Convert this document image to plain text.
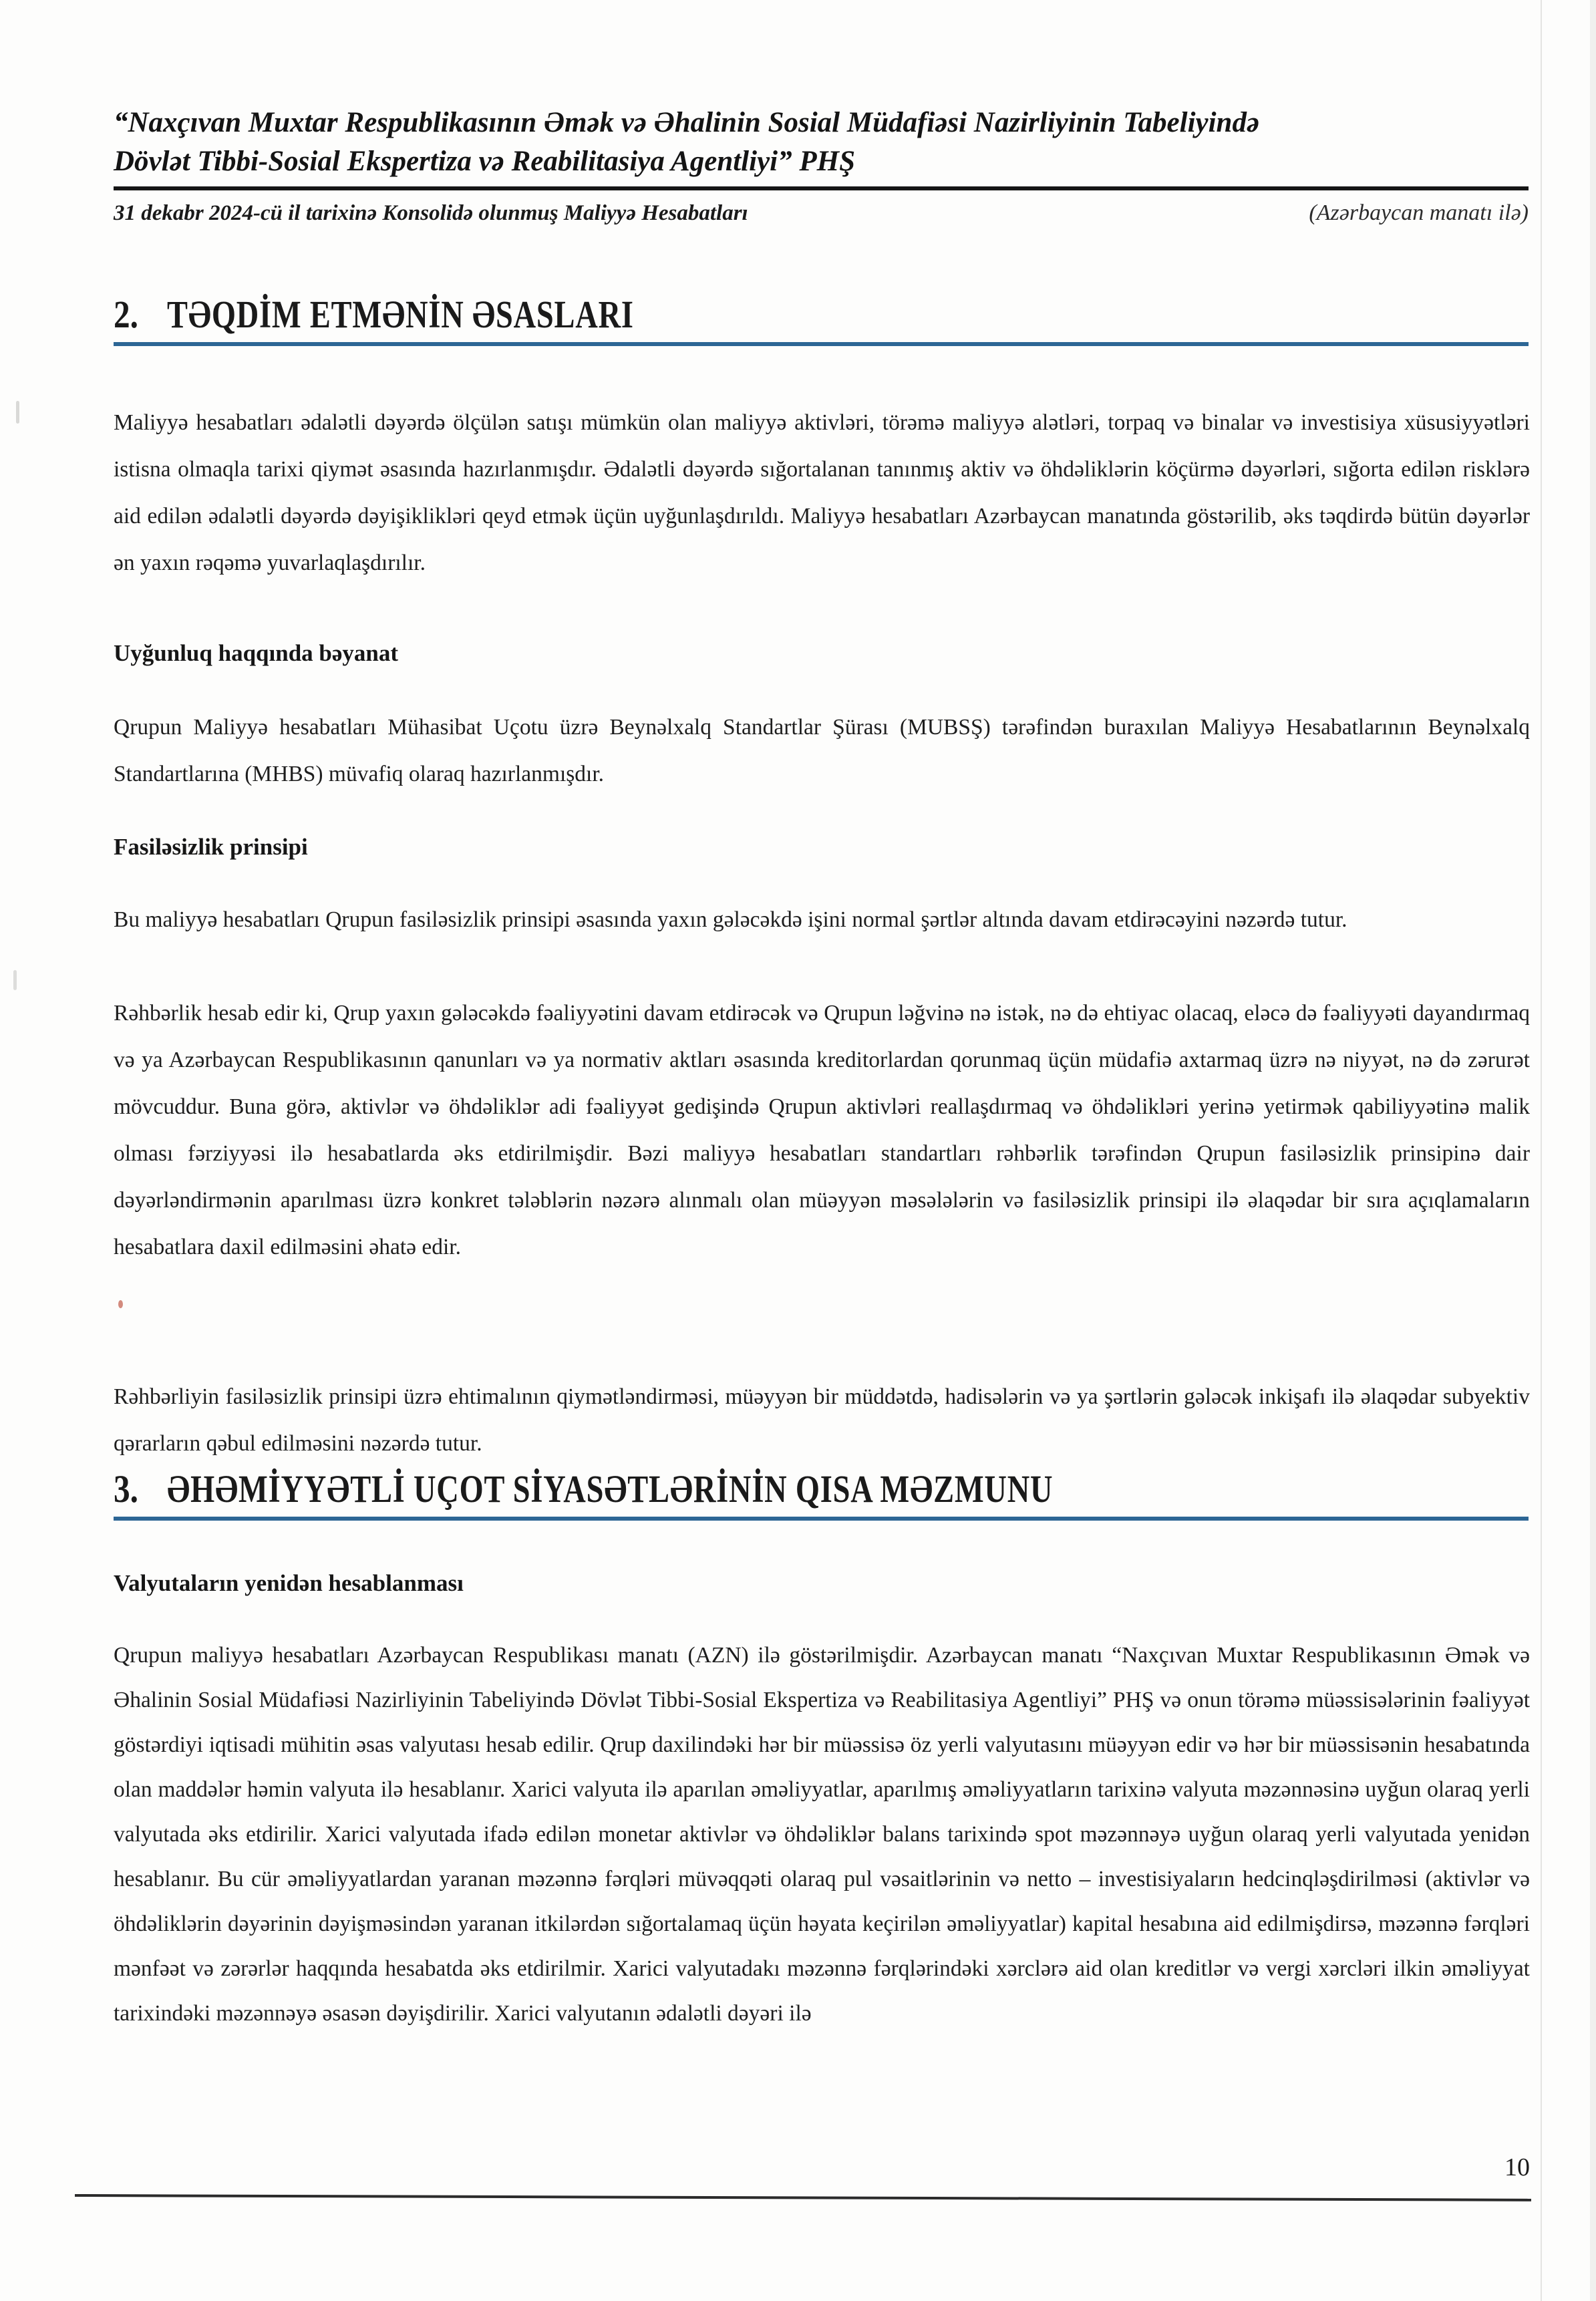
“Naxçıvan Muxtar Respublikasının Əmək və Əhalinin Sosial Müdafiəsi Nazirliyinin Tabeliyində
Dövlət Tibbi-Sosial Ekspertiza və Reabilitasiya Agentliyi” PHŞ
31 dekabr 2024-cü il tarixinə Konsolidə olunmuş Maliyyə Hesabatları	(Azərbaycan manatı ilə)
2. TƏQDİM ETMƏNİN ƏSASLARI

Maliyyə hesabatları ədalətli dəyərdə ölçülən satışı mümkün olan maliyyə aktivləri, törəmə maliyyə alətləri, torpaq və binalar və investisiya xüsusiyyətləri istisna olmaqla tarixi qiymət əsasında hazırlanmışdır. Ədalətli dəyərdə sığortalanan tanınmış aktiv və öhdəliklərin köçürmə dəyərləri, sığorta edilən risklərə aid edilən ədalətli dəyərdə dəyişiklikləri qeyd etmək üçün uyğunlaşdırıldı. Maliyyə hesabatları Azərbaycan manatında göstərilib, əks təqdirdə bütün dəyərlər ən yaxın rəqəmə yuvarlaqlaşdırılır.

Uyğunluq haqqında bəyanat

Qrupun Maliyyə hesabatları Mühasibat Uçotu üzrə Beynəlxalq Standartlar Şürası (MUBSŞ) tərəfindən buraxılan Maliyyə Hesabatlarının Beynəlxalq Standartlarına (MHBS) müvafiq olaraq hazırlanmışdır.

Fasiləsizlik prinsipi

Bu maliyyə hesabatları Qrupun fasiləsizlik prinsipi əsasında yaxın gələcəkdə işini normal şərtlər altında davam etdirəcəyini nəzərdə tutur.

Rəhbərlik hesab edir ki, Qrup yaxın gələcəkdə fəaliyyətini davam etdirəcək və Qrupun ləğvinə nə istək, nə də ehtiyac olacaq, eləcə də fəaliyyəti dayandırmaq və ya Azərbaycan Respublikasının qanunları və ya normativ aktları əsasında kreditorlardan qorunmaq üçün müdafiə axtarmaq üzrə nə niyyət, nə də zərurət mövcuddur. Buna görə, aktivlər və öhdəliklər adi fəaliyyət gedişində Qrupun aktivləri reallaşdırmaq və öhdəlikləri yerinə yetirmək qabiliyyətinə malik olması fərziyyəsi ilə hesabatlarda əks etdirilmişdir. Bəzi maliyyə hesabatları standartları rəhbərlik tərəfindən Qrupun fasiləsizlik prinsipinə dair dəyərləndirmənin aparılması üzrə konkret tələblərin nəzərə alınmalı olan müəyyən məsələlərin və fasiləsizlik prinsipi ilə əlaqədar bir sıra açıqlamaların hesabatlara daxil edilməsini əhatə edir.

Rəhbərliyin fasiləsizlik prinsipi üzrə ehtimalının qiymətləndirməsi, müəyyən bir müddətdə, hadisələrin və ya şərtlərin gələcək inkişafı ilə əlaqədar subyektiv qərarların qəbul edilməsini nəzərdə tutur.

3. ƏHƏMİYYƏTLİ UÇOT SİYASƏTLƏRİNİN QISA MƏZMUNU
Valyutaların yenidən hesablanması

Qrupun maliyyə hesabatları Azərbaycan Respublikası manatı (AZN) ilə göstərilmişdir. Azərbaycan manatı “Naxçıvan Muxtar Respublikasının Əmək və Əhalinin Sosial Müdafiəsi Nazirliyinin Tabeliyində Dövlət Tibbi-Sosial Ekspertiza və Reabilitasiya Agentliyi” PHŞ və onun törəmə müəssisələrinin fəaliyyət göstərdiyi iqtisadi mühitin əsas valyutası hesab edilir. Qrup daxilindəki hər bir müəssisə öz yerli valyutasını müəyyən edir və hər bir müəssisənin hesabatında olan maddələr həmin valyuta ilə hesablanır. Xarici valyuta ilə aparılan əməliyyatlar, aparılmış əməliyyatların tarixinə valyuta məzənnəsinə uyğun olaraq yerli valyutada əks etdirilir. Xarici valyutada ifadə edilən monetar aktivlər və öhdəliklər balans tarixində spot məzənnəyə uyğun olaraq yerli valyutada yenidən hesablanır. Bu cür əməliyyatlardan yaranan məzənnə fərqləri müvəqqəti olaraq pul vəsaitlərinin və netto – investisiyaların hedcinqləşdirilməsi (aktivlər və öhdəliklərin dəyərinin dəyişməsindən yaranan itkilərdən sığortalamaq üçün həyata keçirilən əməliyyatlar) kapital hesabına aid edilmişdirsə, məzənnə fərqləri mənfəət və zərərlər haqqında hesabatda əks etdirilmir. Xarici valyutadakı məzənnə fərqlərindəki xərclərə aid olan kreditlər və vergi xərcləri ilkin əməliyyat tarixindəki məzənnəyə əsasən dəyişdirilir. Xarici valyutanın ədalətli dəyəri ilə

10
